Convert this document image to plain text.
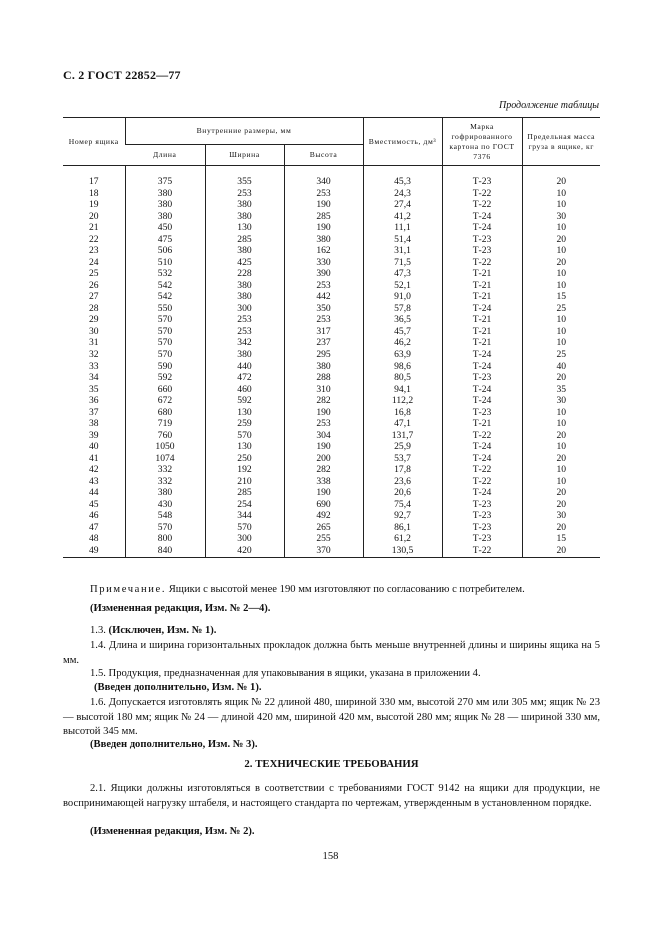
С. 2 ГОСТ 22852—77
Продолжение таблицы
Номер ящика	Внутренние размеры, мм			Вместимость, дм³	Марка гофрированного картона по ГОСТ 7376	Предельная масса груза в ящике, кг
	Длина	Ширина	Высота			

17	375	355	340	45,3	Т-23	20
18	380	253	253	24,3	Т-22	10
19	380	380	190	27,4	Т-22	10
20	380	380	285	41,2	Т-24	30
21	450	130	190	11,1	Т-24	10
22	475	285	380	51,4	Т-23	20
23	506	380	162	31,1	Т-23	10
24	510	425	330	71,5	Т-22	20
25	532	228	390	47,3	Т-21	10
26	542	380	253	52,1	Т-21	10
27	542	380	442	91,0	Т-21	15
28	550	300	350	57,8	Т-24	25
29	570	253	253	36,5	Т-21	10
30	570	253	317	45,7	Т-21	10
31	570	342	237	46,2	Т-21	10
32	570	380	295	63,9	Т-24	25
33	590	440	380	98,6	Т-24	40
34	592	472	288	80,5	Т-23	20
35	660	460	310	94,1	Т-24	35
36	672	592	282	112,2	Т-24	30
37	680	130	190	16,8	Т-23	10
38	719	259	253	47,1	Т-21	10
39	760	570	304	131,7	Т-22	20
40	1050	130	190	25,9	Т-24	10
41	1074	250	200	53,7	Т-24	20
42	332	192	282	17,8	Т-22	10
43	332	210	338	23,6	Т-22	10
44	380	285	190	20,6	Т-24	20
45	430	254	690	75,4	Т-23	20
46	548	344	492	92,7	Т-23	30
47	570	570	265	86,1	Т-23	20
48	800	300	255	61,2	Т-23	15
49	840	420	370	130,5	Т-22	20
Примечание. Ящики с высотой менее 190 мм изготовляют по согласованию с потребителем.
(Измененная редакция, Изм. № 2—4).
1.3. (Исключен, Изм. № 1).
1.4. Длина и ширина горизонтальных прокладок должна быть меньше внутренней длины и ширины ящика на 5 мм.
1.5. Продукция, предназначенная для упаковывания в ящики, указана в приложении 4.
(Введен дополнительно, Изм. № 1).
1.6. Допускается изготовлять ящик № 22 длиной 480, шириной 330 мм, высотой 270 мм или 305 мм; ящик № 23 — высотой 180 мм; ящик № 24 — длиной 420 мм, шириной 420 мм, высотой 280 мм; ящик № 28 — шириной 330 мм, высотой 345 мм.
(Введен дополнительно, Изм. № 3).
2. ТЕХНИЧЕСКИЕ ТРЕБОВАНИЯ
2.1. Ящики должны изготовляться в соответствии с требованиями ГОСТ 9142 на ящики для продукции, не воспринимающей нагрузку штабеля, и настоящего стандарта по чертежам, утвержденным в установленном порядке.
(Измененная редакция, Изм. № 2).
158
